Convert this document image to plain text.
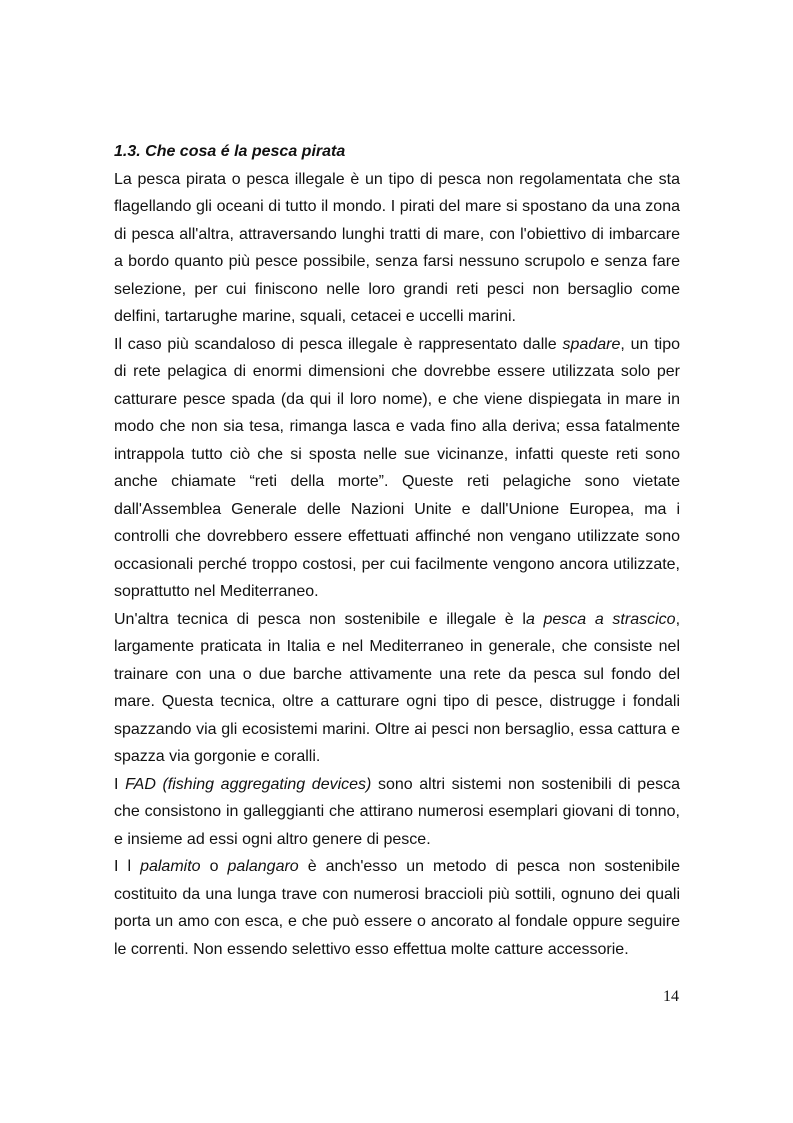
1.3. Che cosa é la pesca pirata

La pesca pirata o pesca illegale è un tipo di pesca non regolamentata che sta flagellando gli oceani di tutto il mondo. I pirati del mare si spostano da una zona di pesca all'altra, attraversando lunghi tratti di mare, con l'obiettivo di imbarcare a bordo quanto più pesce possibile, senza farsi nessuno scrupolo e senza fare selezione, per cui finiscono nelle loro grandi reti pesci non bersaglio come delfini, tartarughe marine, squali, cetacei e uccelli marini.

Il caso più scandaloso di pesca illegale è rappresentato dalle spadare, un tipo di rete pelagica di enormi dimensioni che dovrebbe essere utilizzata solo per catturare pesce spada (da qui il loro nome), e che viene dispiegata in mare in modo che non sia tesa, rimanga lasca e vada fino alla deriva; essa fatalmente intrappola tutto ciò che si sposta nelle sue vicinanze, infatti queste reti sono anche chiamate “reti della morte”. Queste reti pelagiche sono vietate dall'Assemblea Generale delle Nazioni Unite e dall'Unione Europea, ma i controlli che dovrebbero essere effettuati affinché non vengano utilizzate sono occasionali perché troppo costosi, per cui facilmente vengono ancora utilizzate, soprattutto nel Mediterraneo.

Un'altra tecnica di pesca non sostenibile e illegale è la pesca a strascico, largamente praticata in Italia e nel Mediterraneo in generale, che consiste nel trainare con una o due barche attivamente una rete da pesca sul fondo del mare. Questa tecnica, oltre a catturare ogni tipo di pesce, distrugge i fondali spazzando via gli ecosistemi marini. Oltre ai pesci non bersaglio, essa cattura e spazza via gorgonie e coralli.

I FAD (fishing aggregating devices) sono altri sistemi non sostenibili di pesca che consistono in galleggianti che attirano numerosi esemplari giovani di tonno, e insieme ad essi ogni altro genere di pesce.

I l palamito o palangaro è anch'esso un metodo di pesca non sostenibile costituito da una lunga trave con numerosi braccioli più sottili, ognuno dei quali porta un amo con esca, e che può essere o ancorato al fondale oppure seguire le correnti. Non essendo selettivo esso effettua molte catture accessorie.

14
